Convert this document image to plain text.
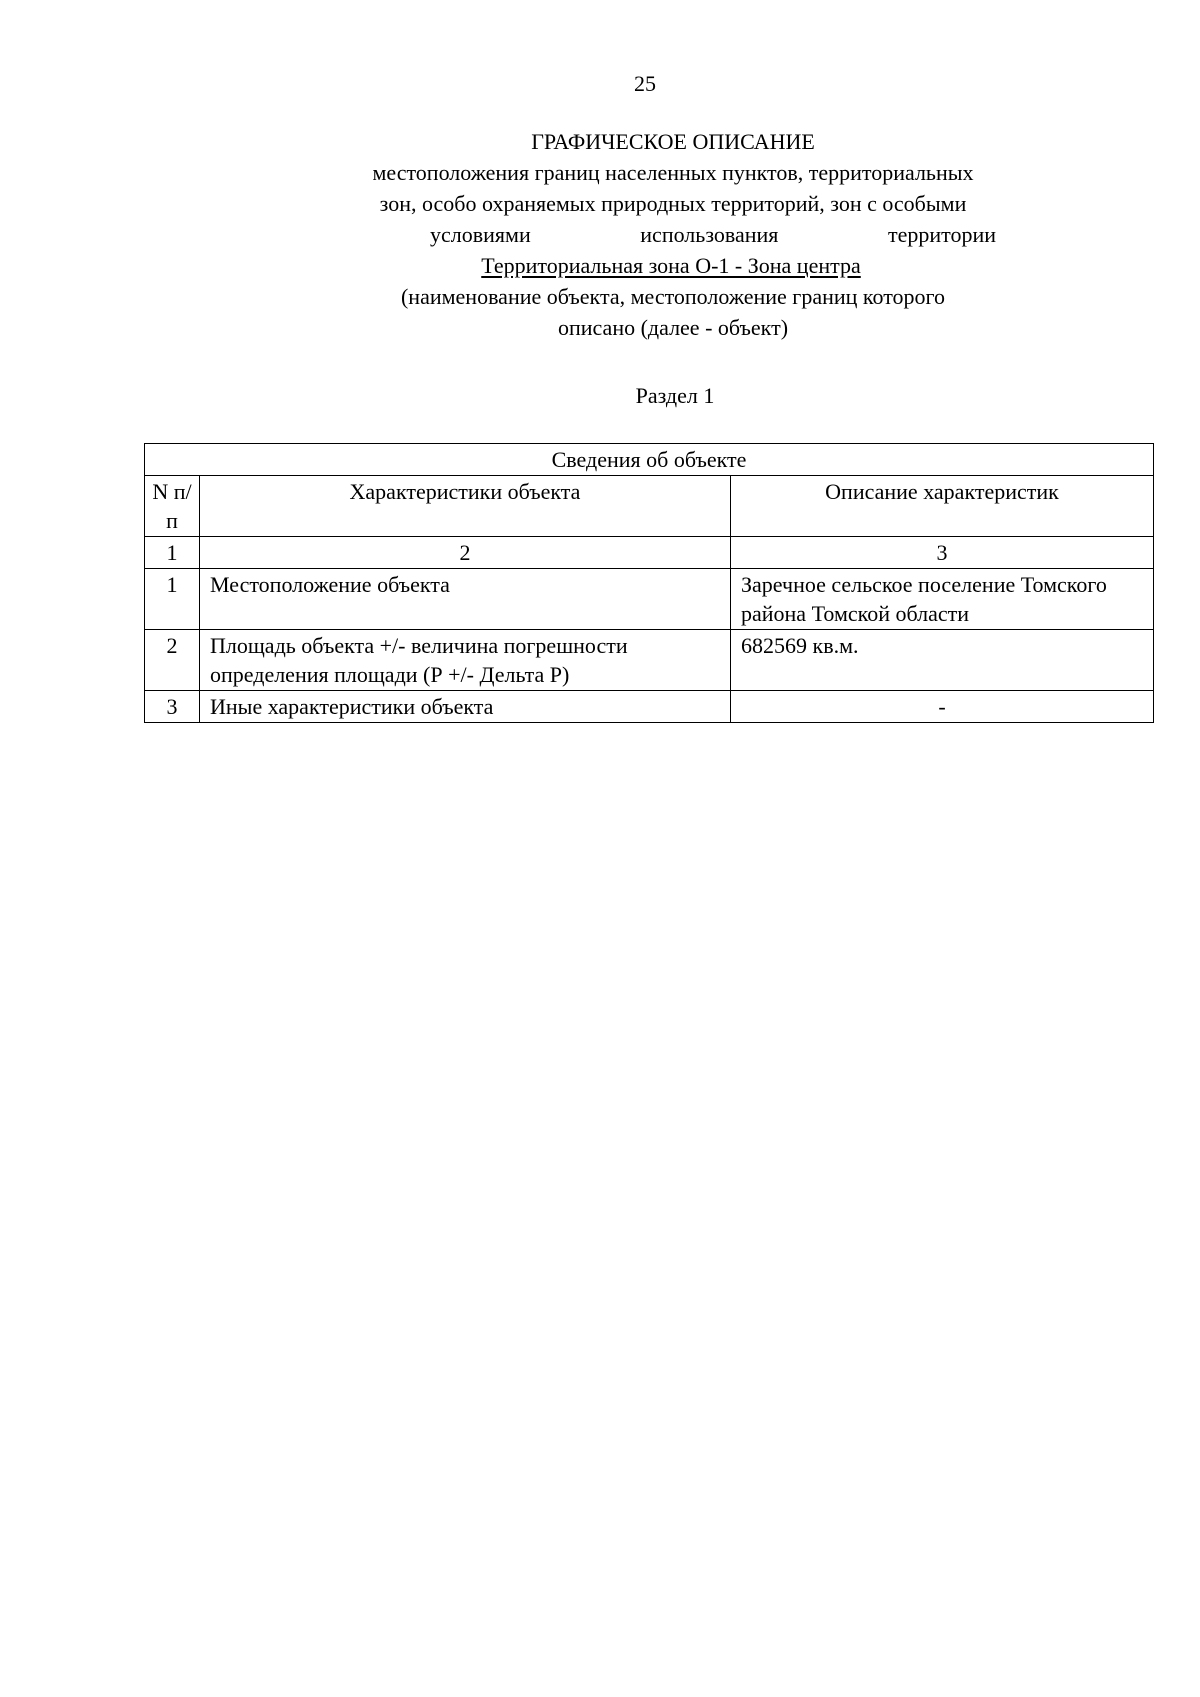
25

ГРАФИЧЕСКОЕ ОПИСАНИЕ

местоположения границ населенных пунктов, территориальных

зон, особо охраняемых природных территорий, зон с особыми

условиями использования территории

Территориальная зона О-1 - Зона центра

(наименование объекта, местоположение границ которого

описано (далее - объект)

Раздел 1
Сведения об объекте		
N п/п	Характеристики объекта	Описание характеристик
1	2	3
1	Местоположение объекта	Заречное сельское поселение Томского района Томской области
2	Площадь объекта +/- величина погрешности определения площади (Р +/- Дельта Р)	682569 кв.м.
3	Иные характеристики объекта	-
